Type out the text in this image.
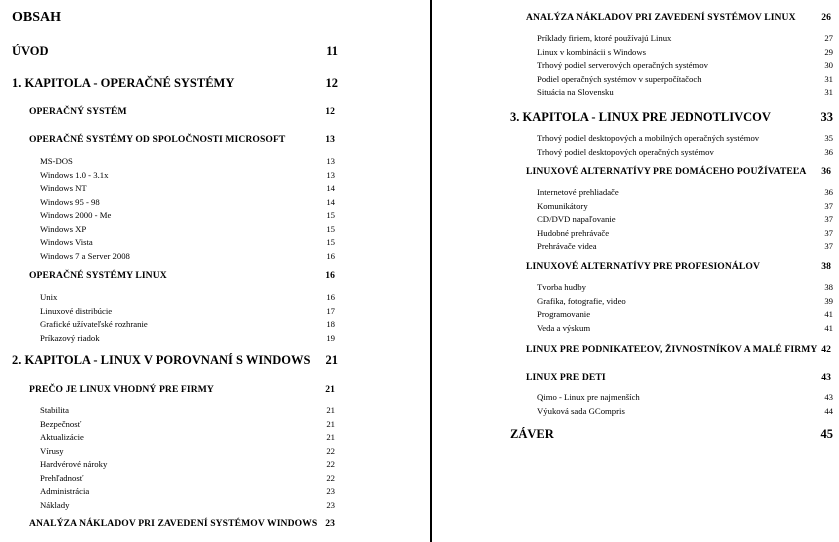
OBSAH
ÚVOD	11
1. KAPITOLA - OPERAČNÉ SYSTÉMY	12
OPERAČNÝ SYSTÉM	12
OPERAČNÉ SYSTÉMY OD SPOLOČNOSTI MICROSOFT	13
MS-DOS	13
Windows 1.0 - 3.1x	13
Windows NT	14
Windows 95 - 98	14
Windows 2000 - Me	15
Windows XP	15
Windows Vista	15
Windows 7 a Server 2008	16
OPERAČNÉ SYSTÉMY LINUX	16
Unix	16
Linuxové distribúcie	17
Grafické užívateľské rozhranie	18
Príkazový riadok	19
2. KAPITOLA - LINUX V POROVNANÍ S WINDOWS 21
PREČO JE LINUX VHODNÝ PRE FIRMY	21
Stabilita	21
Bezpečnosť	21
Aktualizácie	21
Vírusy	22
Hardvérové nároky	22
Prehľadnosť	22
Administrácia	23
Náklady	23
ANALÝZA NÁKLADOV PRI ZAVEDENÍ SYSTÉMOV WINDOWS 23
ANALÝZA NÁKLADOV PRI ZAVEDENÍ SYSTÉMOV LINUX	26
Príklady firiem, ktoré používajú Linux	27
Linux v kombinácii s Windows	29
Trhový podiel serverových operačných systémov	30
Podiel operačných systémov v superpočítačoch	31
Situácia na Slovensku	31
3. KAPITOLA - LINUX PRE JEDNOTLIVCOV	33
Trhový podiel desktopových a mobilných operačných systémov	35
Trhový podiel desktopových operačných systémov	36
LINUXOVÉ ALTERNATÍVY PRE DOMÁCEHO POUŽÍVATEĽA 36
Internetové prehliadače	36
Komunikátory	37
CD/DVD napaľovanie	37
Hudobné prehrávače	37
Prehrávače videa	37
LINUXOVÉ ALTERNATÍVY PRE PROFESIONÁLOV	38
Tvorba hudby	38
Grafika, fotografie, video	39
Programovanie	41
Veda a výskum	41
LINUX PRE PODNIKATEĽOV, ŽIVNOSTNÍKOV A MALÉ FIRMY 42
LINUX PRE DETI	43
Qimo - Linux pre najmenších	43
Výuková sada GCompris	44
ZÁVER	45
